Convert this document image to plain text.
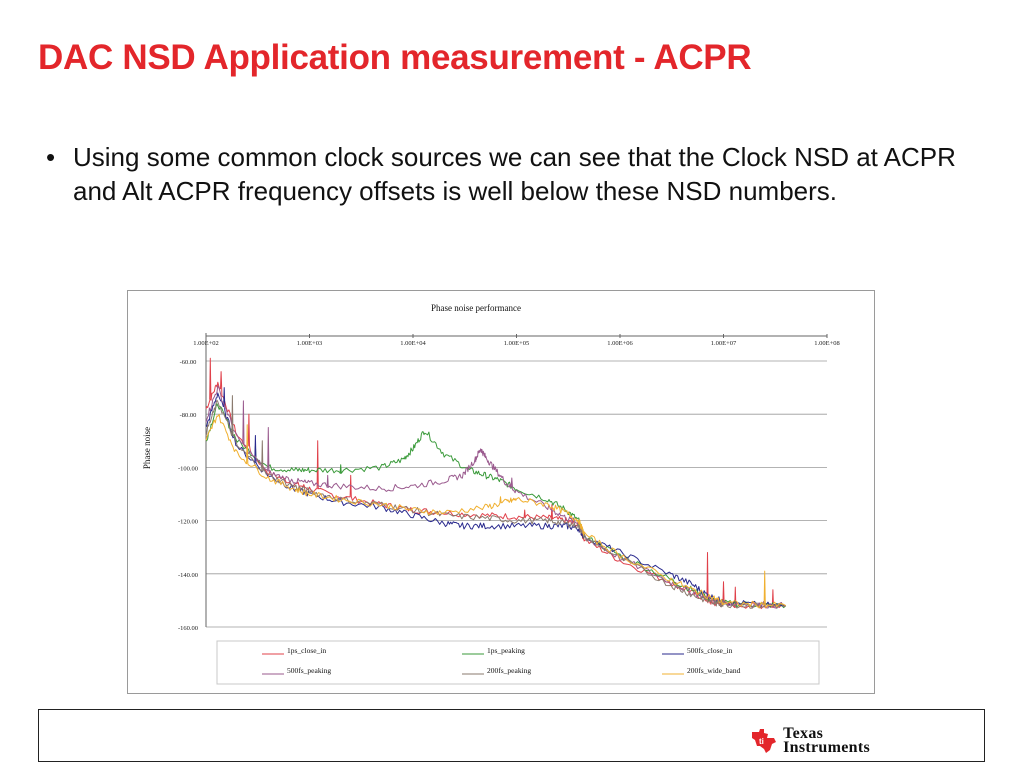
DAC NSD Application measurement - ACPR
• Using some common clock sources we can see that the Clock NSD at ACPR and Alt ACPR frequency offsets is well below these NSD numbers.
Phase noise performance
Phase noise
-60.00
-80.00
-100.00
-120.00
-140.00
-160.00
1.00E+02	1.00E+03	1.00E+04	1.00E+05	1.00E+06	1.00E+07	1.00E+08
1ps_close_in	1ps_peaking	500fs_close_in
500fs_peaking	200fs_peaking	200fs_wide_band
ti Texas
Instruments
